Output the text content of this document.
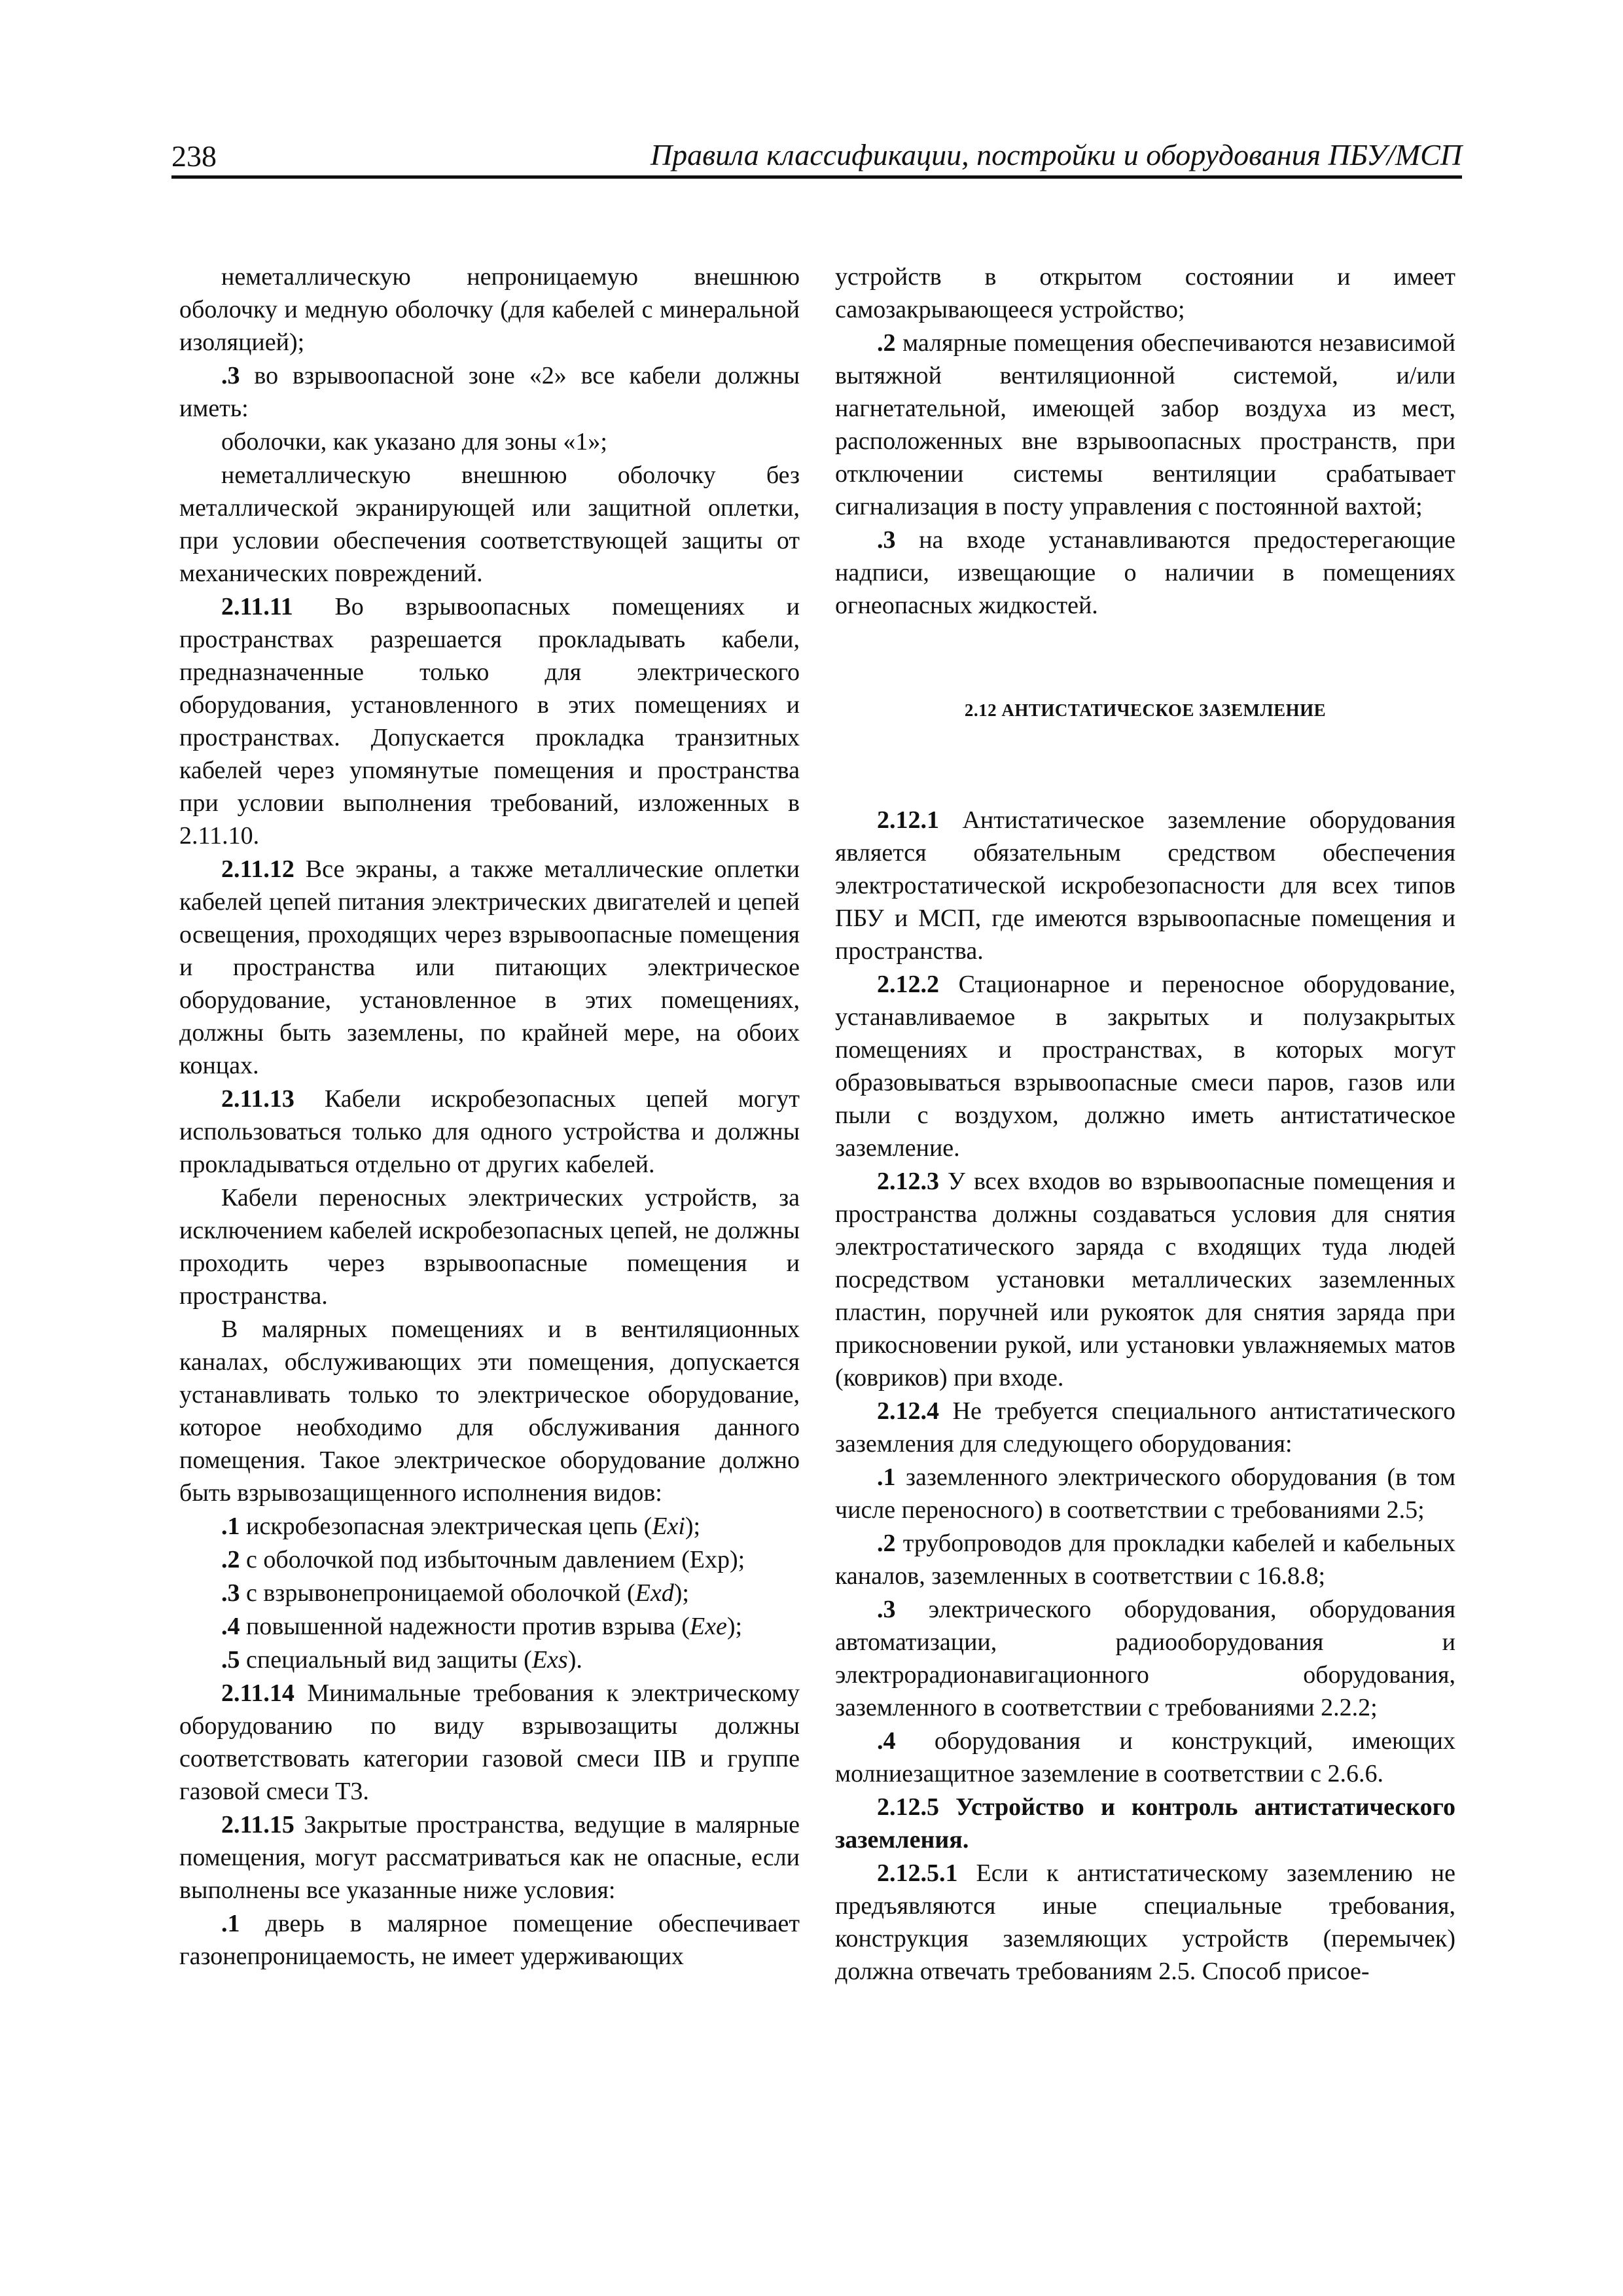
238	Правила классификации, постройки и оборудования ПБУ/МСП

неметаллическую непроницаемую внешнюю оболочку и медную оболочку (для кабелей с минеральной изоляцией);

.3 во взрывоопасной зоне «2» все кабели должны иметь:

оболочки, как указано для зоны «1»;

неметаллическую внешнюю оболочку без металлической экранирующей или защитной оплетки, при условии обеспечения соответствующей защиты от механических повреждений.

2.11.11 Во взрывоопасных помещениях и пространствах разрешается прокладывать кабели, предназначенные только для электрического оборудования, установленного в этих помещениях и пространствах. Допускается прокладка транзитных кабелей через упомянутые помещения и пространства при условии выполнения требований, изложенных в 2.11.10.

2.11.12 Все экраны, а также металлические оплетки кабелей цепей питания электрических двигателей и цепей освещения, проходящих через взрывоопасные помещения и пространства или питающих электрическое оборудование, установленное в этих помещениях, должны быть заземлены, по крайней мере, на обоих концах.

2.11.13 Кабели искробезопасных цепей могут использоваться только для одного устройства и должны прокладываться отдельно от других кабелей.

Кабели переносных электрических устройств, за исключением кабелей искробезопасных цепей, не должны проходить через взрывоопасные помещения и пространства.

В малярных помещениях и в вентиляционных каналах, обслуживающих эти помещения, допускается устанавливать только то электрическое оборудование, которое необходимо для обслуживания данного помещения. Такое электрическое оборудование должно быть взрывозащищенного исполнения видов:

.1 искробезопасная электрическая цепь (Exi);

.2 с оболочкой под избыточным давлением (Exp);

.3 с взрывонепроницаемой оболочкой (Exd);

.4 повышенной надежности против взрыва (Exe);

.5 специальный вид защиты (Exs).

2.11.14 Минимальные требования к электрическому оборудованию по виду взрывозащиты должны соответствовать категории газовой смеси IIB и группе газовой смеси Т3.

2.11.15 Закрытые пространства, ведущие в малярные помещения, могут рассматриваться как не опасные, если выполнены все указанные ниже условия:

.1 дверь в малярное помещение обеспечивает газонепроницаемость, не имеет удерживающих

устройств в открытом состоянии и имеет самозакрывающееся устройство;

.2 малярные помещения обеспечиваются независимой вытяжной вентиляционной системой, и/или нагнетательной, имеющей забор воздуха из мест, расположенных вне взрывоопасных пространств, при отключении системы вентиляции срабатывает сигнализация в посту управления с постоянной вахтой;

.3 на входе устанавливаются предостерегающие надписи, извещающие о наличии в помещениях огнеопасных жидкостей.

2.12 АНТИСТАТИЧЕСКОЕ ЗАЗЕМЛЕНИЕ

2.12.1 Антистатическое заземление оборудования является обязательным средством обеспечения электростатической искробезопасности для всех типов ПБУ и МСП, где имеются взрывоопасные помещения и пространства.

2.12.2 Стационарное и переносное оборудование, устанавливаемое в закрытых и полузакрытых помещениях и пространствах, в которых могут образовываться взрывоопасные смеси паров, газов или пыли с воздухом, должно иметь антистатическое заземление.

2.12.3 У всех входов во взрывоопасные помещения и пространства должны создаваться условия для снятия электростатического заряда с входящих туда людей посредством установки металлических заземленных пластин, поручней или рукояток для снятия заряда при прикосновении рукой, или установки увлажняемых матов (ковриков) при входе.

2.12.4 Не требуется специального антистатического заземления для следующего оборудования:

.1 заземленного электрического оборудования (в том числе переносного) в соответствии с требованиями 2.5;

.2 трубопроводов для прокладки кабелей и кабельных каналов, заземленных в соответствии с 16.8.8;

.3 электрического оборудования, оборудования автоматизации, радиооборудования и электрорадионавигационного оборудования, заземленного в соответствии с требованиями 2.2.2;

.4 оборудования и конструкций, имеющих молниезащитное заземление в соответствии с 2.6.6.

2.12.5 Устройство и контроль антистатического заземления.

2.12.5.1 Если к антистатическому заземлению не предъявляются иные специальные требования, конструкция заземляющих устройств (перемычек) должна отвечать требованиям 2.5. Способ присое-
